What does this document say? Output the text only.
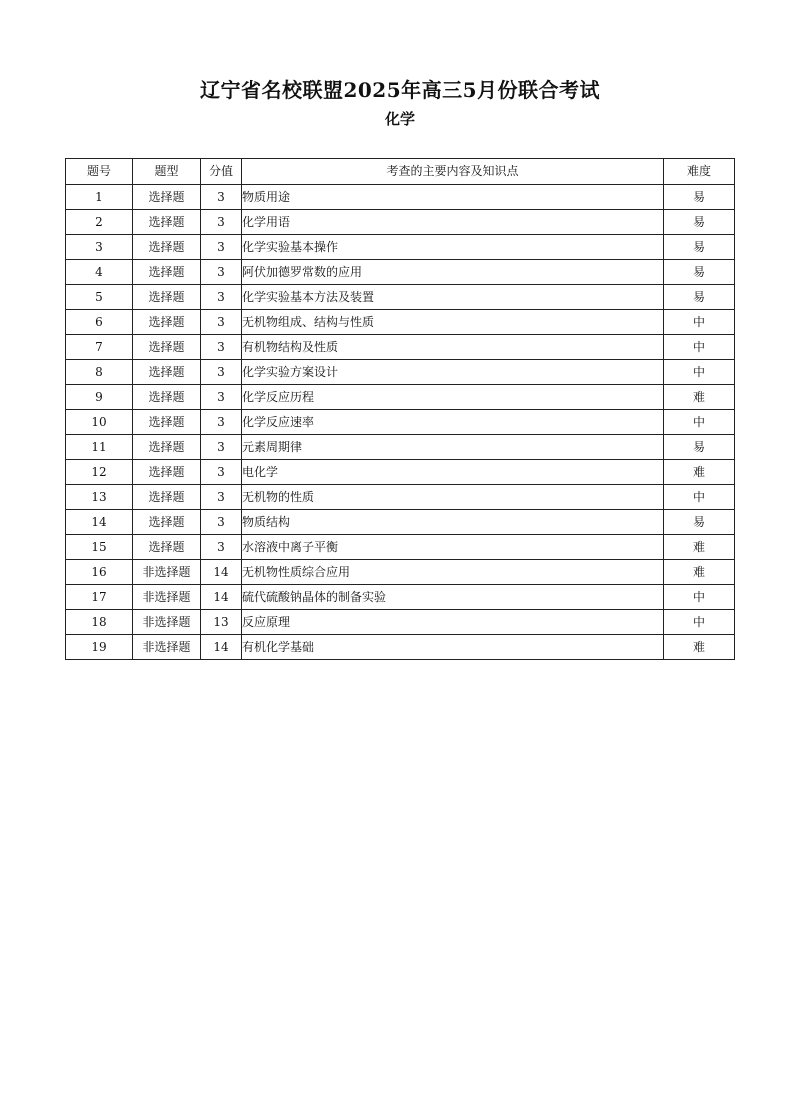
辽宁省名校联盟2025年高三5月份联合考试
化学
题号	题型	分值	考查的主要内容及知识点	难度
1	选择题	3	物质用途	易
2	选择题	3	化学用语	易
3	选择题	3	化学实验基本操作	易
4	选择题	3	阿伏加德罗常数的应用	易
5	选择题	3	化学实验基本方法及装置	易
6	选择题	3	无机物组成、结构与性质	中
7	选择题	3	有机物结构及性质	中
8	选择题	3	化学实验方案设计	中
9	选择题	3	化学反应历程	难
10	选择题	3	化学反应速率	中
11	选择题	3	元素周期律	易
12	选择题	3	电化学	难
13	选择题	3	无机物的性质	中
14	选择题	3	物质结构	易
15	选择题	3	水溶液中离子平衡	难
16	非选择题	14	无机物性质综合应用	难
17	非选择题	14	硫代硫酸钠晶体的制备实验	中
18	非选择题	13	反应原理	中
19	非选择题	14	有机化学基础	难
